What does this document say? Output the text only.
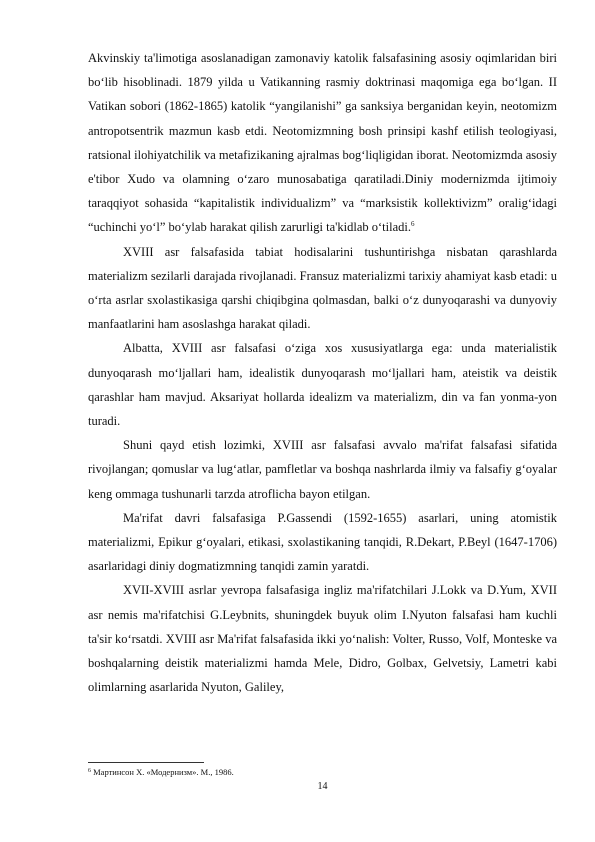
Akvinskiy ta'limotiga asoslanadigan zamonaviy katolik falsafasining asosiy oqimlaridan biri bo‘lib hisoblinadi. 1879 yilda u Vatikanning rasmiy doktrinasi maqomiga ega bo‘lgan. II Vatikan sobori (1862-1865) katolik “yangilanishi” ga sanksiya berganidan keyin, neotomizm antropotsentrik mazmun kasb etdi. Neotomizmning bosh prinsipi kashf etilish teologiyasi, ratsional ilohiyatchilik va metafizikaning ajralmas bog‘liqligidan iborat. Neotomizmda asosiy e'tibor Xudo va olamning o‘zaro munosabatiga qaratiladi.Diniy modernizmda ijtimoiy taraqqiyot sohasida “kapitalistik individualizm” va “marksistik kollektivizm” oralig‘idagi “uchinchi yo‘l” bo‘ylab harakat qilish zarurligi ta'kidlab o‘tiladi.$^6$

XVIII asr falsafasida tabiat hodisalarini tushuntirishga nisbatan qarashlarda materializm sezilarli darajada rivojlanadi. Fransuz materializmi tarixiy ahamiyat kasb etadi: u o‘rta asrlar sxolastikasiga qarshi chiqibgina qolmasdan, balki o‘z dunyoqarashi va dunyoviy manfaatlarini ham asoslashga harakat qiladi.

Albatta, XVIII asr falsafasi o‘ziga xos xususiyatlarga ega: unda materialistik dunyoqarash mo‘ljallari ham, idealistik dunyoqarash mo‘ljallari ham, ateistik va deistik qarashlar ham mavjud. Aksariyat hollarda idealizm va materializm, din va fan yonma-yon turadi.

Shuni qayd etish lozimki, XVIII asr falsafasi avvalo ma'rifat falsafasi sifatida rivojlangan; qomuslar va lug‘atlar, pamfletlar va boshqa nashrlarda ilmiy va falsafiy g‘oyalar keng ommaga tushunarli tarzda atroflicha bayon etilgan.

Ma'rifat davri falsafasiga P.Gassendi (1592-1655) asarlari, uning atomistik materializmi, Epikur g‘oyalari, etikasi, sxolastikaning tanqidi, R.Dekart, P.Beyl (1647-1706) asarlaridagi diniy dogmatizmning tanqidi zamin yaratdi.

XVII-XVIII asrlar yevropa falsafasiga ingliz ma'rifatchilari J.Lokk va D.Yum, XVII asr nemis ma'rifatchisi G.Leybnits, shuningdek buyuk olim I.Nyuton falsafasi ham kuchli ta'sir ko‘rsatdi. XVIII asr Ma'rifat falsafasida ikki yo‘nalish: Volter, Russo, Volf, Monteske va boshqalarning deistik materializmi hamda Mele, Didro, Golbax, Gelvetsiy, Lametri kabi olimlarning asarlarida Nyuton, Galiley,

$^6$ Мартинсон Х. «Модернизм». М., 1986.
14
